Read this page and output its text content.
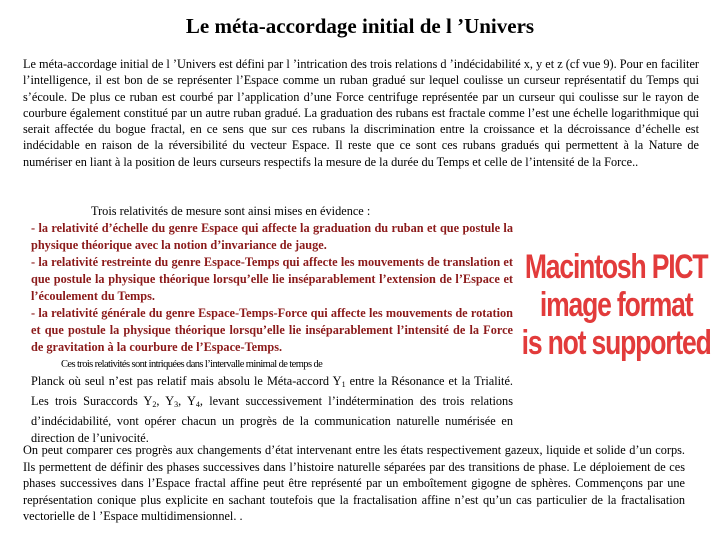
Le méta-accordage initial de l ’Univers
Le méta-accordage initial de l ’Univers est défini par l ’intrication des trois relations d ’indécidabilité x, y et z (cf vue 9). Pour en faciliter l’intelligence, il est bon de se représenter l’Espace comme un ruban gradué sur lequel coulisse un curseur représentatif du Temps qui s’écoule. De plus ce ruban est courbé par l’application d’une Force centrifuge représentée par un curseur qui coulisse sur le rayon de courbure également constitué par un autre ruban gradué. La graduation des rubans est fractale comme l’est une échelle logarithmique qui serait affectée du bogue fractal, en ce sens que sur ces rubans la discrimination entre la croissance et la décroissance d’échelle est indécidable en raison de la réversibilité du vecteur Espace. Il reste que ce sont ces rubans gradués qui permettent à la Nature de numériser en liant à la position de leurs curseurs respectifs la mesure de la durée du Temps et celle de l’intensité de la Force..

Trois relativités de mesure sont ainsi mises en évidence :

- la relativité d’échelle du genre Espace qui affecte la graduation du ruban et que postule la physique théorique avec la notion d’invariance de jauge.

- la relativité restreinte du genre Espace-Temps qui affecte les mouvements de translation et que postule la physique théorique lorsqu’elle lie inséparablement l’extension de l’Espace et l’écoulement du Temps.

- la relativité générale du genre Espace-Temps-Force qui affecte les mouvements de rotation et que postule la physique théorique lorsqu’elle lie inséparablement l’intensité de la Force de gravitation à la courbure de l’Espace-Temps.

Ces trois relativités sont intriquées dans l’intervalle minimal de temps de

Planck où seul n’est pas relatif mais absolu le Méta-accord $Y_1$ entre la Résonance et la Trialité. Les trois Suraccords $Y_2$, $Y_3$, $Y_4$, levant successivement l’indétermination des trois relations d’indécidabilité, vont opérer chacun un progrès de la communication naturelle numérisée en direction de l’univocité.

Macintosh PICT
image format
is not supported
On peut comparer ces progrès aux changements d’état intervenant entre les états respectivement gazeux, liquide et solide d’un corps. Ils permettent de définir des phases successives dans l’histoire naturelle séparées par des transitions de phase. Le déploiement de ces phases successives dans l’Espace fractal affine peut être représenté par un emboîtement gigogne de sphères. Commençons par une représentation conique plus explicite en sachant toutefois que la fractalisation affine n’est qu’un cas particulier de la fractalisation vectorielle de l ’Espace multidimensionnel. .
